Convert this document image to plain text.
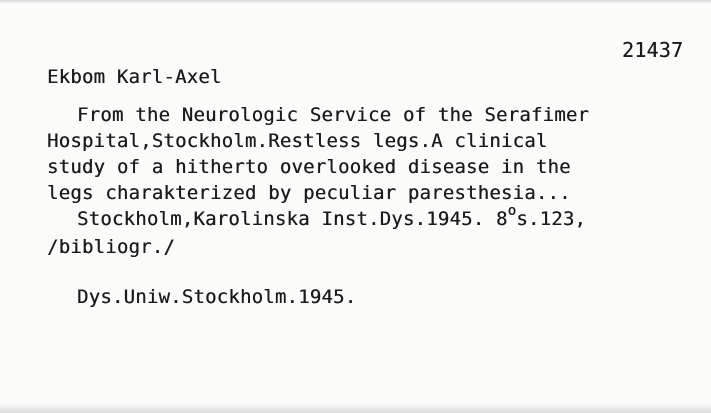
21437
Ekbom Karl-Axel
From the Neurologic Service of the Serafimer
Hospital,Stockholm.Restless legs.A clinical
study of a hitherto overlooked disease in the
legs charakterized by peculiar paresthesia...
Stockholm,Karolinska Inst.Dys.1945. 8$^o$s.123,
/bibliogr./
Dys.Uniw.Stockholm.1945.
